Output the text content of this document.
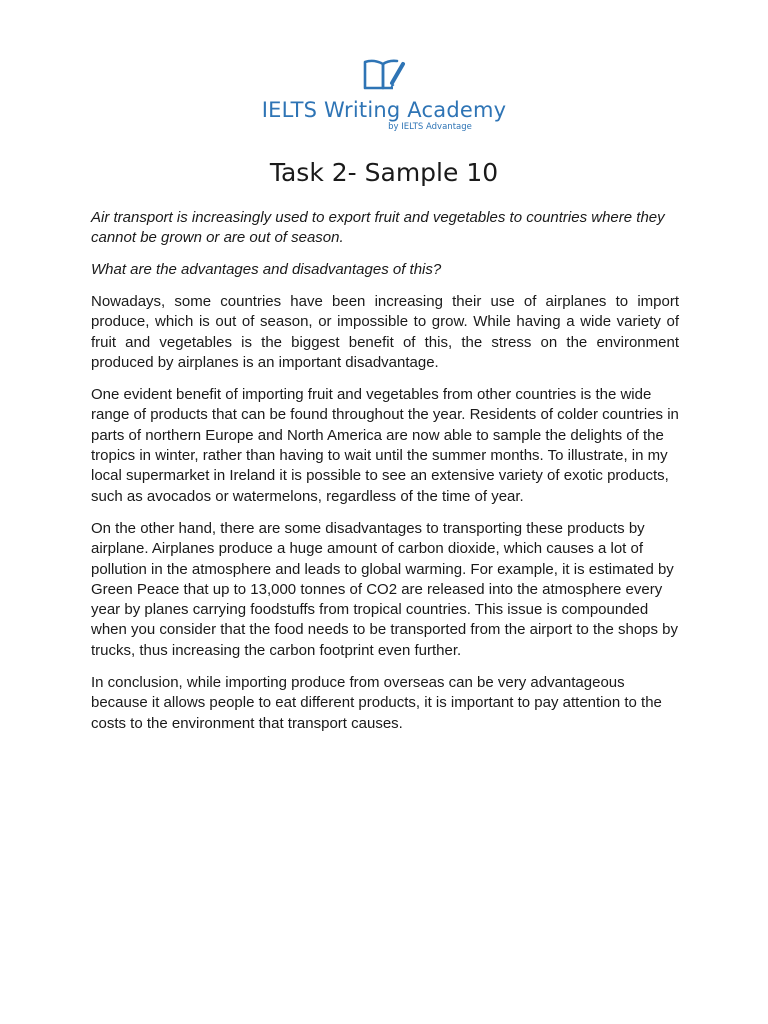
IELTS Writing Academy
by IELTS Advantage
Task 2- Sample 10

Air transport is increasingly used to export fruit and vegetables to countries where they cannot be grown or are out of season.

What are the advantages and disadvantages of this?

Nowadays, some countries have been increasing their use of airplanes to import produce, which is out of season, or impossible to grow. While having a wide variety of fruit and vegetables is the biggest benefit of this, the stress on the environment produced by airplanes is an important disadvantage.

One evident benefit of importing fruit and vegetables from other countries is the wide range of products that can be found throughout the year. Residents of colder countries in parts of northern Europe and North America are now able to sample the delights of the tropics in winter, rather than having to wait until the summer months. To illustrate, in my local supermarket in Ireland it is possible to see an extensive variety of exotic products, such as avocados or watermelons, regardless of the time of year.

On the other hand, there are some disadvantages to transporting these products by airplane. Airplanes produce a huge amount of carbon dioxide, which causes a lot of pollution in the atmosphere and leads to global warming. For example, it is estimated by Green Peace that up to 13,000 tonnes of CO2 are released into the atmosphere every year by planes carrying foodstuffs from tropical countries. This issue is compounded when you consider that the food needs to be transported from the airport to the shops by trucks, thus increasing the carbon footprint even further.

In conclusion, while importing produce from overseas can be very advantageous because it allows people to eat different products, it is important to pay attention to the costs to the environment that transport causes.
